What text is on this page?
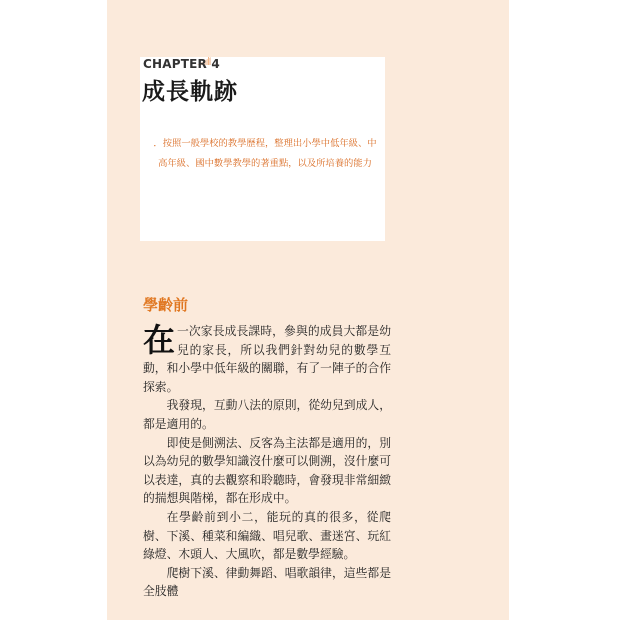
CHAPTER 4
成長軌跡
．按照一般學校的教學歷程，整理出小學中低年級、中高年級、國中數學教學的著重點，以及所培養的能力
學齡前

在一次家長成長課時，參與的成員大都是幼兒的家長，所以我們針對幼兒的數學互動，和小學中低年級的關聯，有了一陣子的合作探索。

我發現，互動八法的原則，從幼兒到成人，都是適用的。

即使是側溯法、反客為主法都是適用的，別以為幼兒的數學知識沒什麼可以側溯，沒什麼可以表達，真的去觀察和聆聽時，會發現非常細緻的揣想與階梯，都在形成中。

在學齡前到小二，能玩的真的很多，從爬樹、下溪、種菜和編織、唱兒歌、畫迷宮、玩紅綠燈、木頭人、大風吹，都是數學經驗。

爬樹下溪、律動舞蹈、唱歌韻律，這些都是全肢體
